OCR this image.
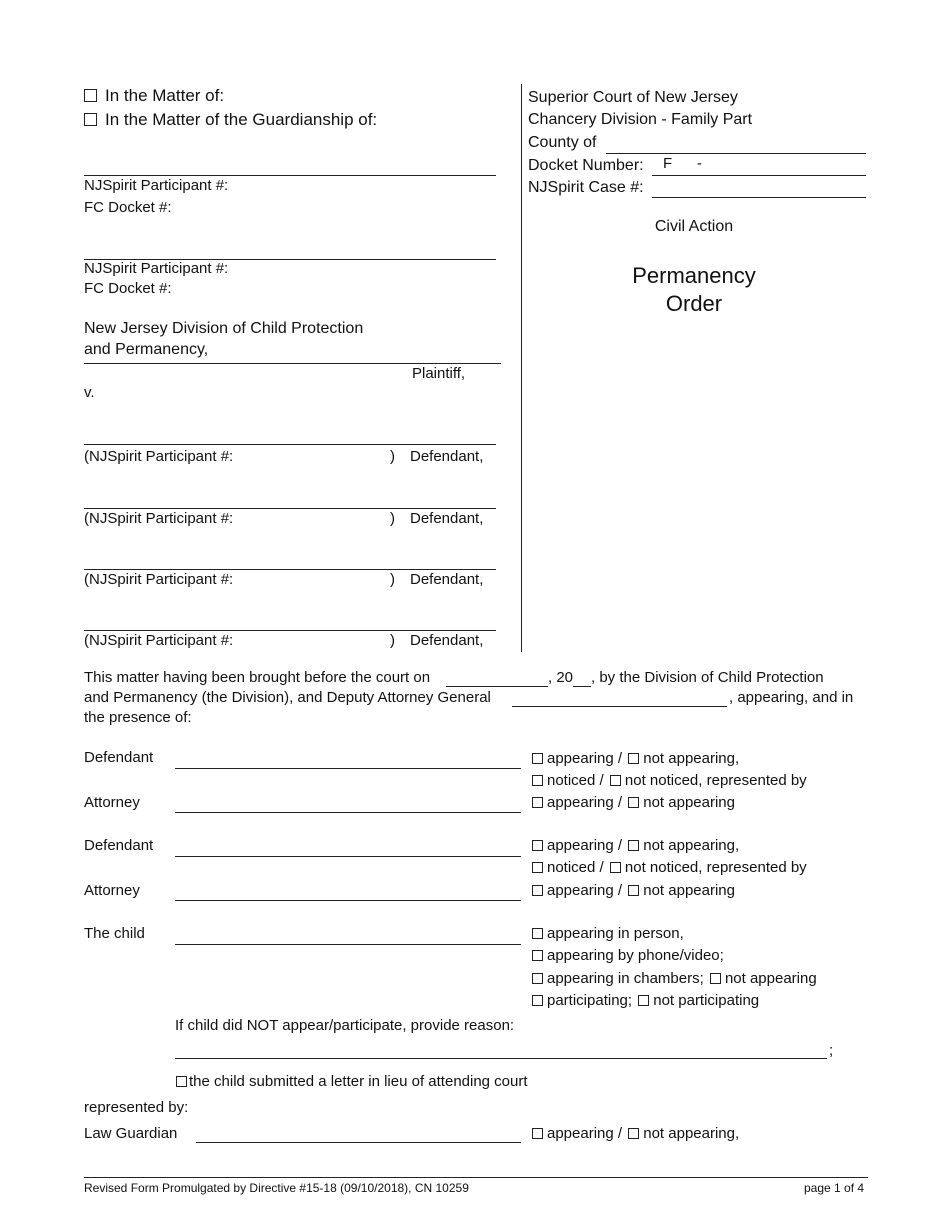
In the Matter of:
In the Matter of the Guardianship of:
NJSpirit Participant #:
FC Docket #:
NJSpirit Participant #:
FC Docket #:
New Jersey Division of Child Protection
and Permanency,
Plaintiff,
v.
(NJSpirit Participant #:	) Defendant,
(NJSpirit Participant #:	) Defendant,
(NJSpirit Participant #:	) Defendant,
(NJSpirit Participant #:	) Defendant,
Superior Court of New Jersey
Chancery Division - Family Part
County of
Docket Number: F -
NJSpirit Case #:
Civil Action
Permanency
Order
This matter having been brought before the court on	, 20 , by the Division of Child Protection
and Permanency (the Division), and Deputy Attorney General	, appearing, and in
the presence of:
Defendant	appearing / not appearing,
noticed / not noticed, represented by
Attorney	appearing / not appearing
Defendant	appearing / not appearing,
noticed / not noticed, represented by
Attorney	appearing / not appearing
The child	appearing in person,
appearing by phone/video;
appearing in chambers; not appearing
participating; not participating
If child did NOT appear/participate, provide reason:
;
the child submitted a letter in lieu of attending court
represented by:
Law Guardian	appearing / not appearing,
Revised Form Promulgated by Directive #15-18 (09/10/2018), CN 10259	page 1 of 4
